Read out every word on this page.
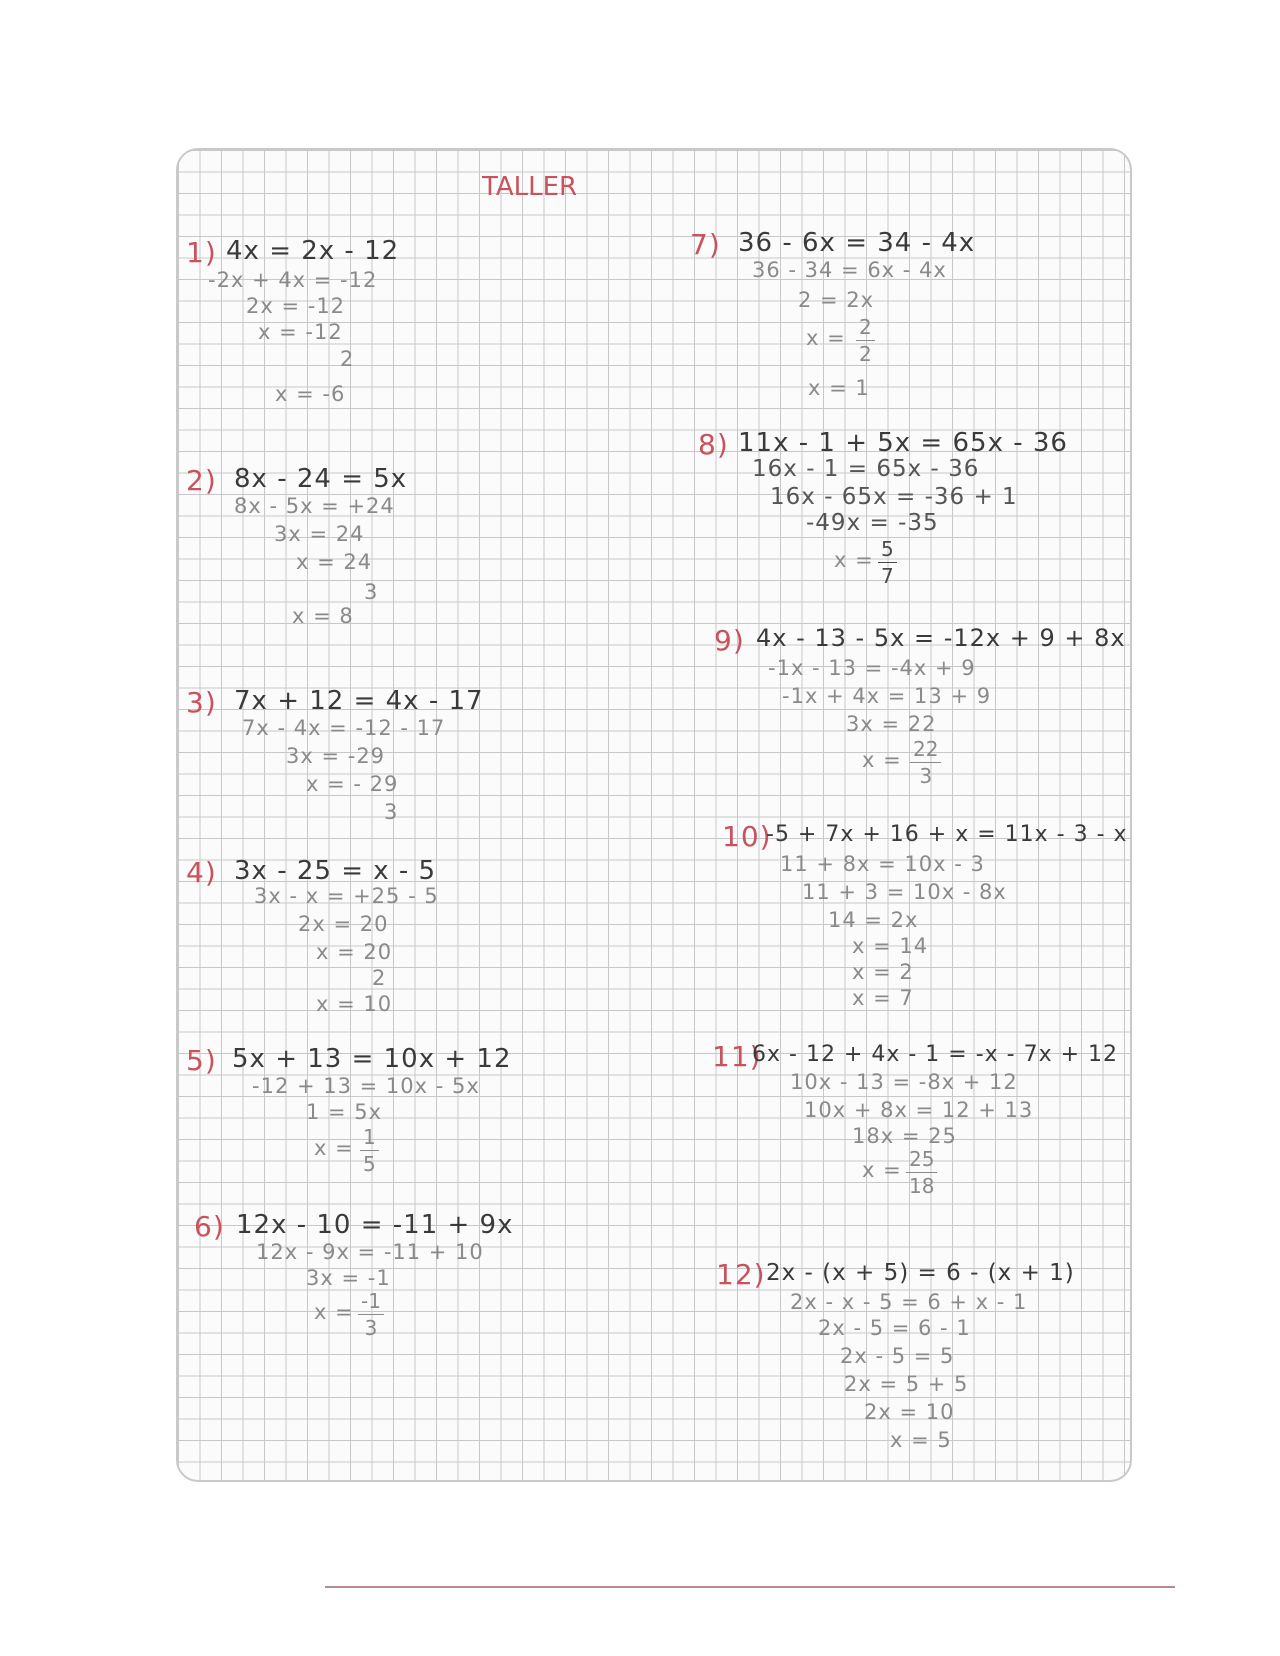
TALLER
1) 4x = 2x - 12
-2x + 4x = -12
2x = -12
x = -12
2
x = -6
2) 8x - 24 = 5x
8x - 5x = +24
3x = 24
x = 24
3
x = 8
3) 7x + 12 = 4x - 17
7x - 4x = -12 - 17
3x = -29
x = - 29
3
4) 3x - 25 = x - 5
3x - x = +25 - 5
2x = 20
x = 20
2
x = 10
5) 5x + 13 = 10x + 12
-12 + 13 = 10x - 5x
1 = 5x
$x = \frac{1}{5}$
6) 12x - 10 = -11 + 9x
12x - 9x = -11 + 10
3x = -1
$x = \frac{-1}{3}$
7) 36 - 6x = 34 - 4x
36 - 34 = 6x - 4x
2 = 2x
$x = \frac{2}{2}$
x = 1
8) 11x - 1 + 5x = 65x - 36
16x - 1 = 65x - 36
16x - 65x = -36 + 1
-49x = -35
$x = \frac{5}{7}$
9) 4x - 13 - 5x = -12x + 9 + 8x
-1x - 13 = -4x + 9
-1x + 4x = 13 + 9
3x = 22
$x = \frac{22}{3}$
10)
-5 + 7x + 16 + x = 11x - 3 - x
11 + 8x = 10x - 3
11 + 3 = 10x - 8x
14 = 2x
x = 14
x = 2
x = 7
11)
6x - 12 + 4x - 1 = -x - 7x + 12
10x - 13 = -8x + 12
10x + 8x = 12 + 13
18x = 25
$x = \frac{25}{18}$
12) 2x - (x + 5) = 6 - (x + 1)
2x - x - 5 = 6 + x - 1
2x - 5 = 6 - 1
2x - 5 = 5
2x = 5 + 5
2x = 10
x = 5
